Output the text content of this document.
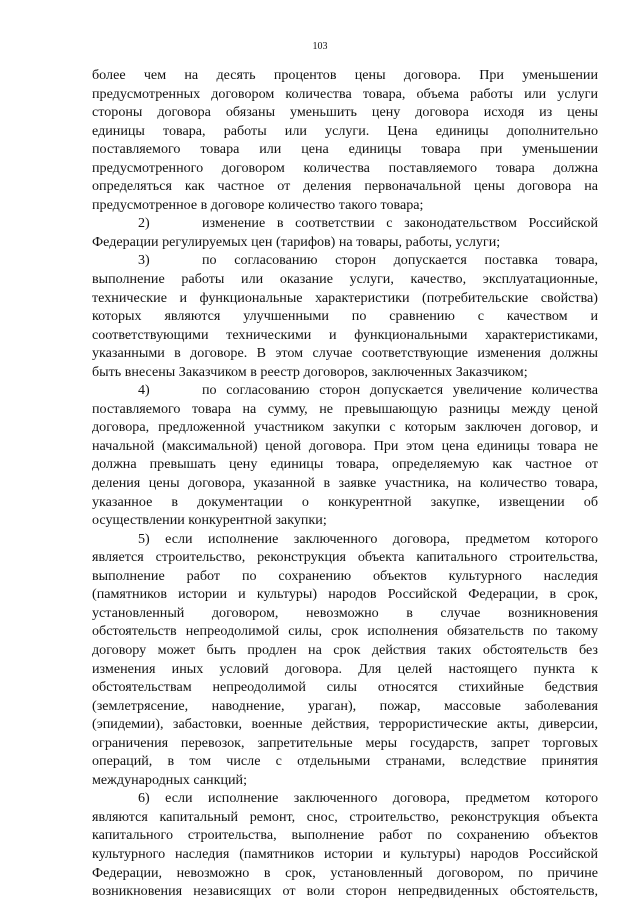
103
более чем на десять процентов цены договора. При уменьшении
предусмотренных договором количества товара, объема работы или услуги
стороны договора обязаны уменьшить цену договора исходя из цены
единицы товара, работы или услуги. Цена единицы дополнительно
поставляемого товара или цена единицы товара при уменьшении
предусмотренного договором количества поставляемого товара должна
определяться как частное от деления первоначальной цены договора на
предусмотренное в договоре количество такого товара;
2)	изменение в соответствии с законодательством Российской
Федерации регулируемых цен (тарифов) на товары, работы, услуги;
3)	по согласованию сторон допускается поставка товара,
выполнение работы или оказание услуги, качество, эксплуатационные,
технические и функциональные характеристики (потребительские свойства)
которых являются улучшенными по сравнению с качеством и
соответствующими техническими и функциональными характеристиками,
указанными в договоре. В этом случае соответствующие изменения должны
быть внесены Заказчиком в реестр договоров, заключенных Заказчиком;
4)	по согласованию сторон допускается увеличение количества
поставляемого товара на сумму, не превышающую разницы между ценой
договора, предложенной участником закупки с которым заключен договор, и
начальной (максимальной) ценой договора. При этом цена единицы товара не
должна превышать цену единицы товара, определяемую как частное от
деления цены договора, указанной в заявке участника, на количество товара,
указанное в документации о конкурентной закупке, извещении об
осуществлении конкурентной закупки;
5) если исполнение заключенного договора, предметом которого
является строительство, реконструкция объекта капитального строительства,
выполнение работ по сохранению объектов культурного наследия
(памятников истории и культуры) народов Российской Федерации, в срок,
установленный договором, невозможно в случае возникновения
обстоятельств непреодолимой силы, срок исполнения обязательств по такому
договору может быть продлен на срок действия таких обстоятельств без
изменения иных условий договора. Для целей настоящего пункта к
обстоятельствам непреодолимой силы относятся стихийные бедствия
(землетрясение, наводнение, ураган), пожар, массовые заболевания
(эпидемии), забастовки, военные действия, террористические акты, диверсии,
ограничения перевозок, запретительные меры государств, запрет торговых
операций, в том числе с отдельными странами, вследствие принятия
международных санкций;
6) если исполнение заключенного договора, предметом которого
являются капитальный ремонт, снос, строительство, реконструкция объекта
капитального строительства, выполнение работ по сохранению объектов
культурного наследия (памятников истории и культуры) народов Российской
Федерации, невозможно в срок, установленный договором, по причине
возникновения независящих от воли сторон непредвиденных обстоятельств,
